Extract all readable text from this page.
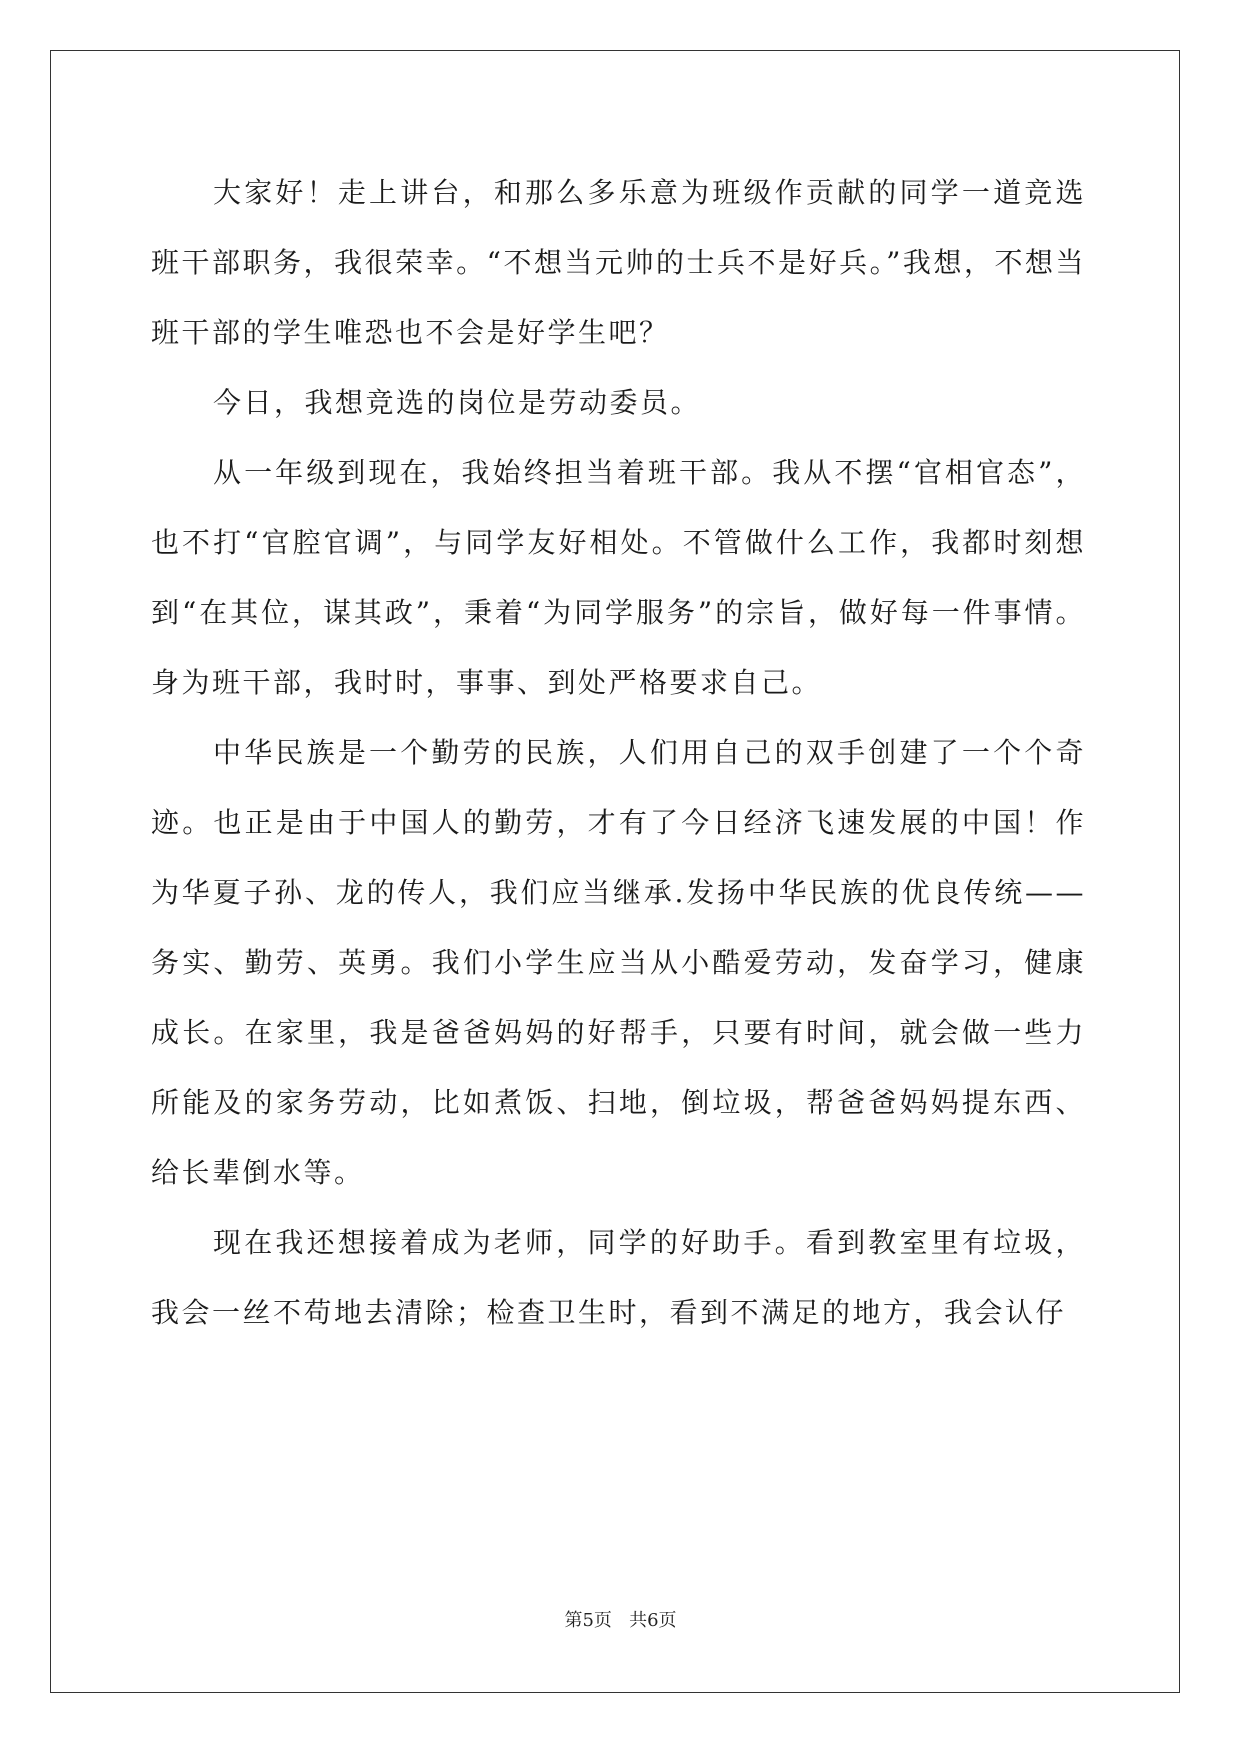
大家好！走上讲台，和那么多乐意为班级作贡献的同学一道竞选班干部职务，我很荣幸。“不想当元帅的士兵不是好兵。”我想，不想当班干部的学生唯恐也不会是好学生吧？

今日，我想竞选的岗位是劳动委员。

从一年级到现在，我始终担当着班干部。我从不摆“官相官态”，也不打“官腔官调”，与同学友好相处。不管做什么工作，我都时刻想到“在其位，谋其政”，秉着“为同学服务”的宗旨，做好每一件事情。身为班干部，我时时，事事、到处严格要求自己。

中华民族是一个勤劳的民族，人们用自己的双手创建了一个个奇迹。也正是由于中国人的勤劳，才有了今日经济飞速发展的中国！作为华夏子孙、龙的传人，我们应当继承.发扬中华民族的优良传统——务实、勤劳、英勇。我们小学生应当从小酷爱劳动，发奋学习，健康成长。在家里，我是爸爸妈妈的好帮手，只要有时间，就会做一些力所能及的家务劳动，比如煮饭、扫地，倒垃圾，帮爸爸妈妈提东西、给长辈倒水等。

现在我还想接着成为老师，同学的好助手。看到教室里有垃圾，我会一丝不苟地去清除；检查卫生时，看到不满足的地方，我会认仔

第5页 共6页
